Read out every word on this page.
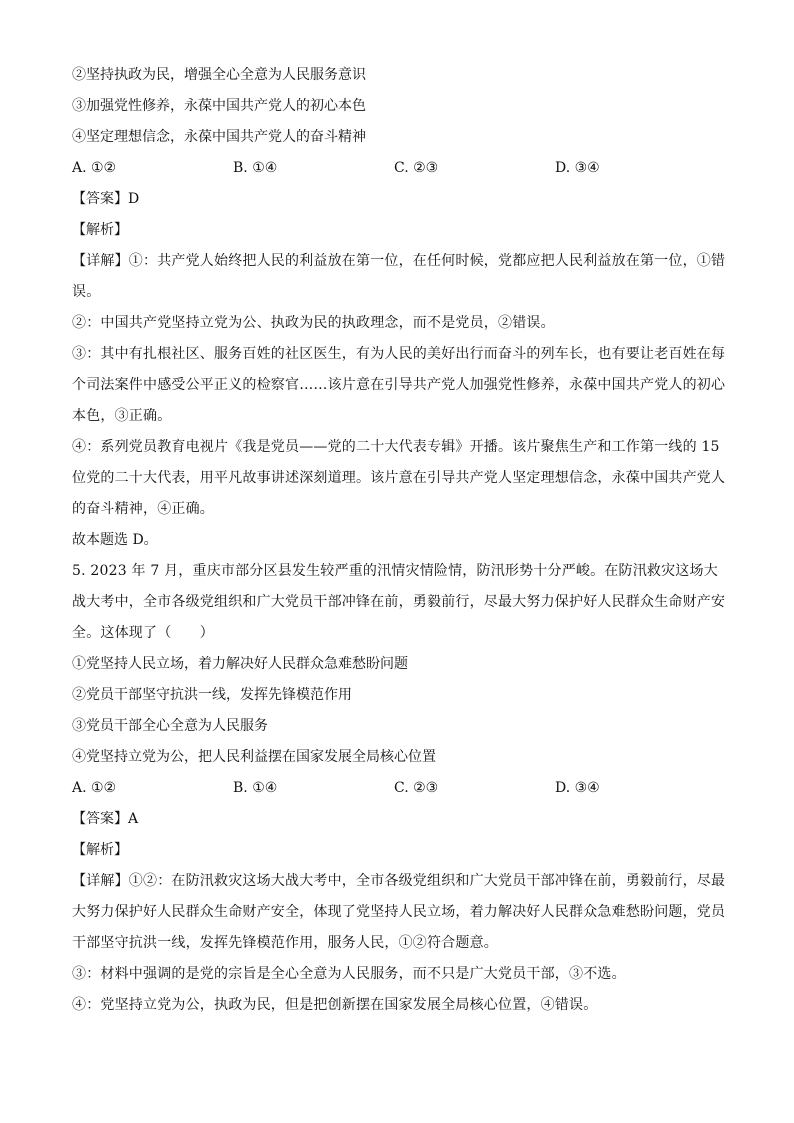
②坚持执政为民，增强全心全意为人民服务意识
③加强党性修养，永葆中国共产党人的初心本色
④坚定理想信念，永葆中国共产党人的奋斗精神
A. ①②	B. ①④	C. ②③	D. ③④
【答案】D
【解析】
【详解】①：共产党人始终把人民的利益放在第一位，在任何时候，党都应把人民利益放在第一位，①错误。
②：中国共产党坚持立党为公、执政为民的执政理念，而不是党员，②错误。
③：其中有扎根社区、服务百姓的社区医生，有为人民的美好出行而奋斗的列车长，也有要让老百姓在每个司法案件中感受公平正义的检察官……该片意在引导共产党人加强党性修养，永葆中国共产党人的初心本色，③正确。
④：系列党员教育电视片《我是党员——党的二十大代表专辑》开播。该片聚焦生产和工作第一线的 15 位党的二十大代表，用平凡故事讲述深刻道理。该片意在引导共产党人坚定理想信念，永葆中国共产党人的奋斗精神，④正确。
故本题选 D。
5. 2023 年 7 月，重庆市部分区县发生较严重的汛情灾情险情，防汛形势十分严峻。在防汛救灾这场大战大考中，全市各级党组织和广大党员干部冲锋在前，勇毅前行，尽最大努力保护好人民群众生命财产安全。这体现了（　　）
①党坚持人民立场，着力解决好人民群众急难愁盼问题
②党员干部坚守抗洪一线，发挥先锋模范作用
③党员干部全心全意为人民服务
④党坚持立党为公，把人民利益摆在国家发展全局核心位置
A. ①②	B. ①④	C. ②③	D. ③④
【答案】A
【解析】
【详解】①②：在防汛救灾这场大战大考中，全市各级党组织和广大党员干部冲锋在前，勇毅前行，尽最大努力保护好人民群众生命财产安全，体现了党坚持人民立场，着力解决好人民群众急难愁盼问题，党员干部坚守抗洪一线，发挥先锋模范作用，服务人民，①②符合题意。
③：材料中强调的是党的宗旨是全心全意为人民服务，而不只是广大党员干部，③不选。
④：党坚持立党为公，执政为民，但是把创新摆在国家发展全局核心位置，④错误。
